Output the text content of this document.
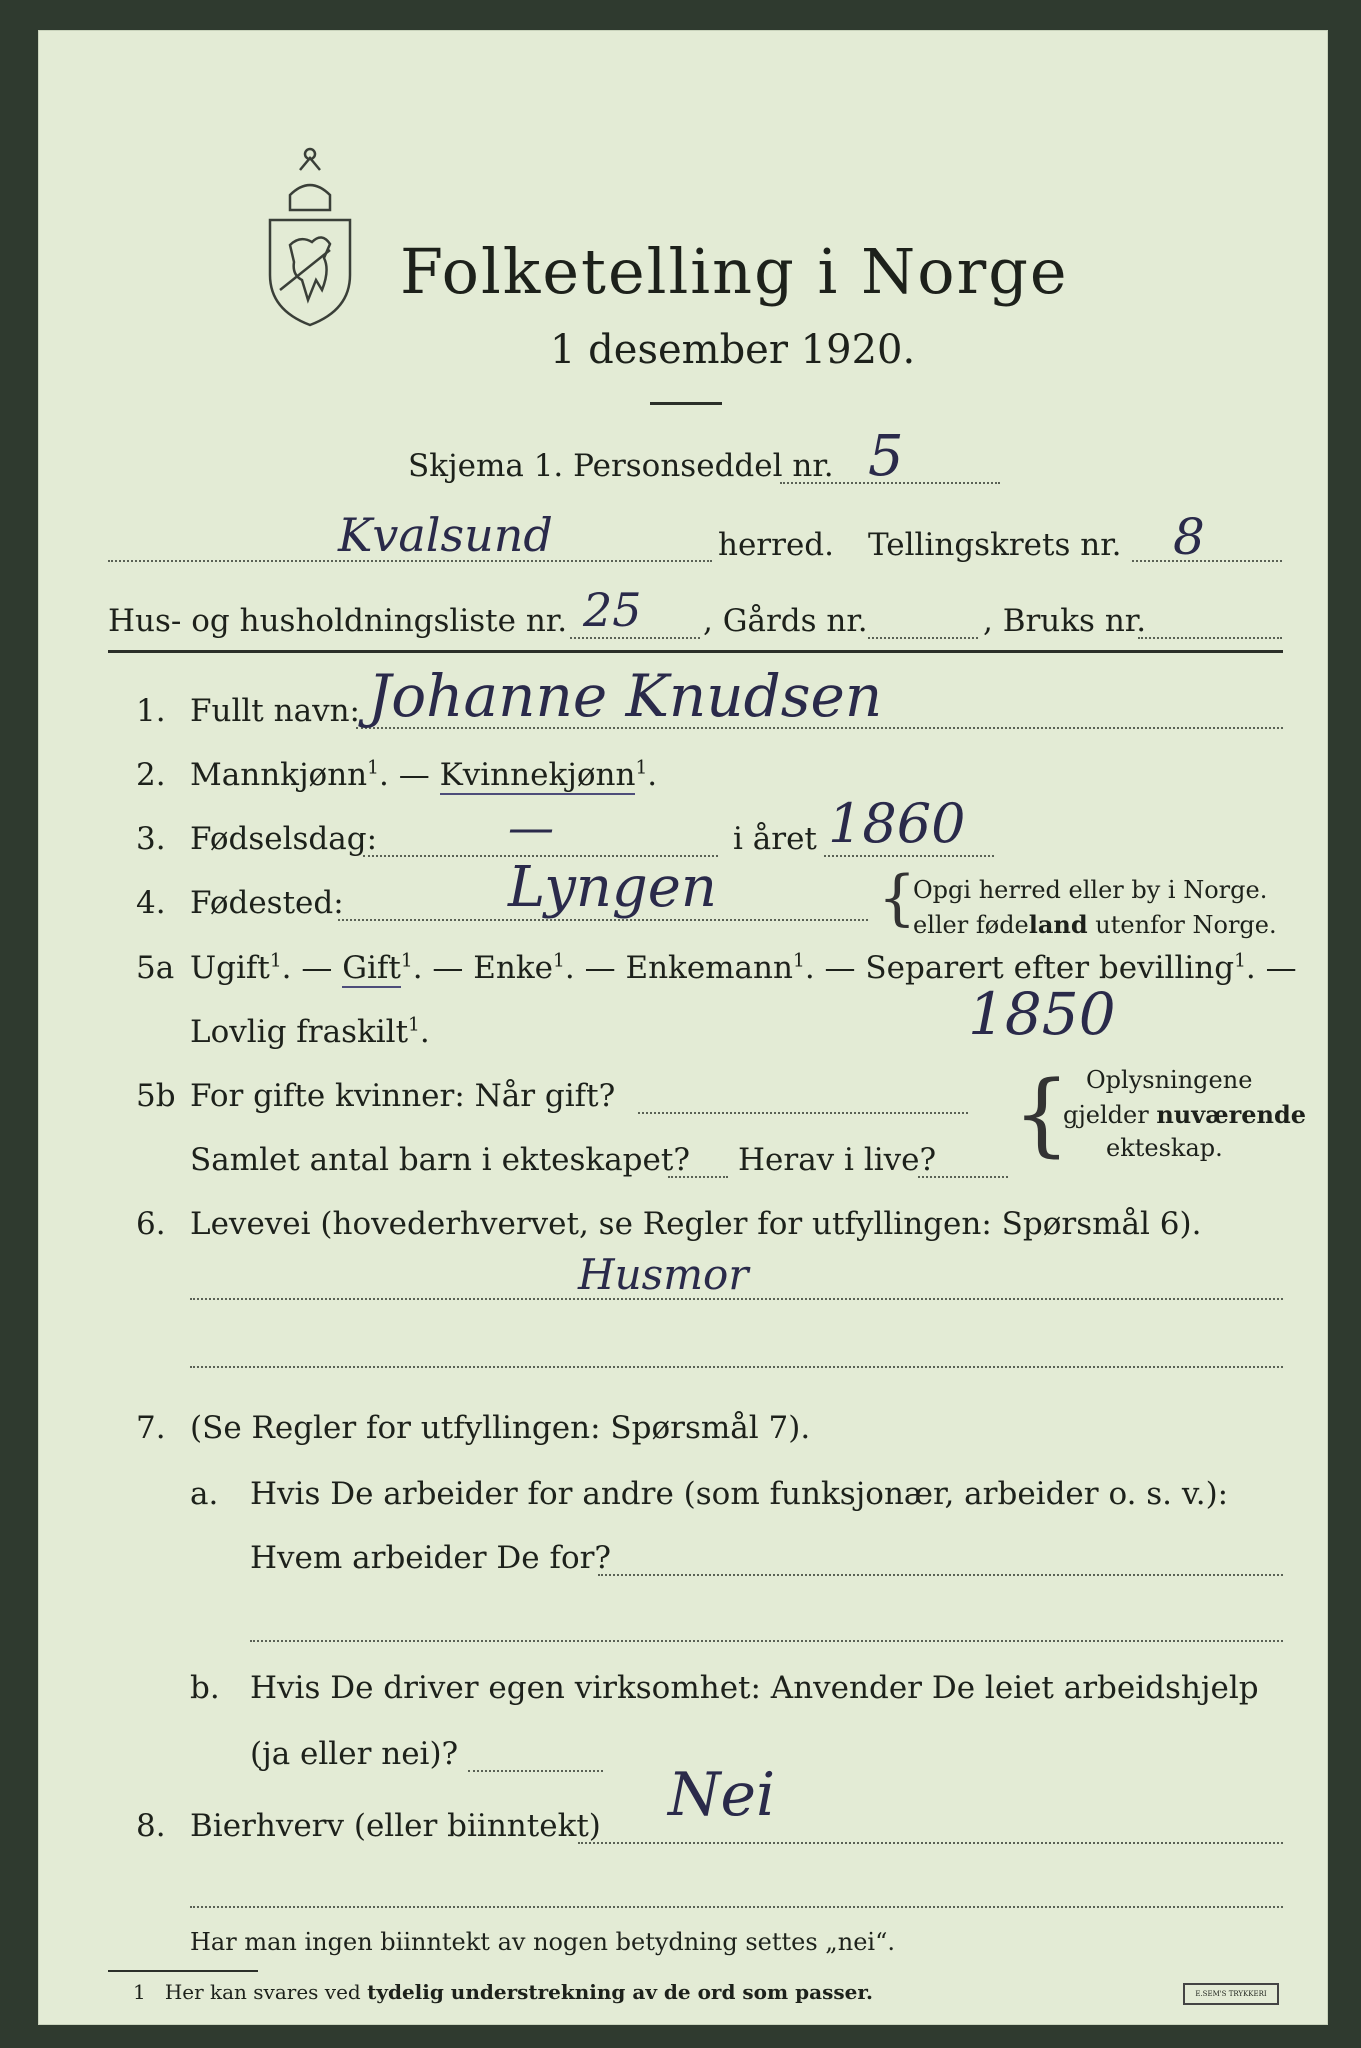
Folketelling i Norge
1 desember 1920.
Skjema 1. Personseddel nr. 5
Kvalsund	herred. Tellingskrets nr. 8
Hus- og husholdningsliste nr. 25 , Gårds nr.	, Bruks nr.
1. Fullt navn: Johanne Knudsen
2. Mannkjønn$^1$. — Kvinnekjønn$^1$.
3. Fødselsdag:	—	i året 1860
4. Fødested:	Lyngen	{
Opgi herred eller by i Norge.
eller fødeland utenfor Norge.
5a Ugift$^1$. — Gift$^1$. — Enke$^1$. — Enkemann$^1$. — Separert efter bevilling$^1$. —
Lovlig fraskilt$^1$.	1850
5b For gifte kvinner: Når gift?
Samlet antal barn i ekteskapet? Herav i live? { Oplysningene
gjelder nuværende
ekteskap.
6. Levevei (hovederhvervet, se Regler for utfyllingen: Spørsmål 6).
Husmor
7. (Se Regler for utfyllingen: Spørsmål 7).
a. Hvis De arbeider for andre (som funksjonær, arbeider o. s. v.):
Hvem arbeider De for?
b. Hvis De driver egen virksomhet: Anvender De leiet arbeidshjelp
(ja eller nei)?
8. Bierhverv (eller biinntekt) Nei
Har man ingen biinntekt av nogen betydning settes „nei“.
1 Her kan svares ved tydelig understrekning av de ord som passer.	E.SEM'S TRYKKERI
